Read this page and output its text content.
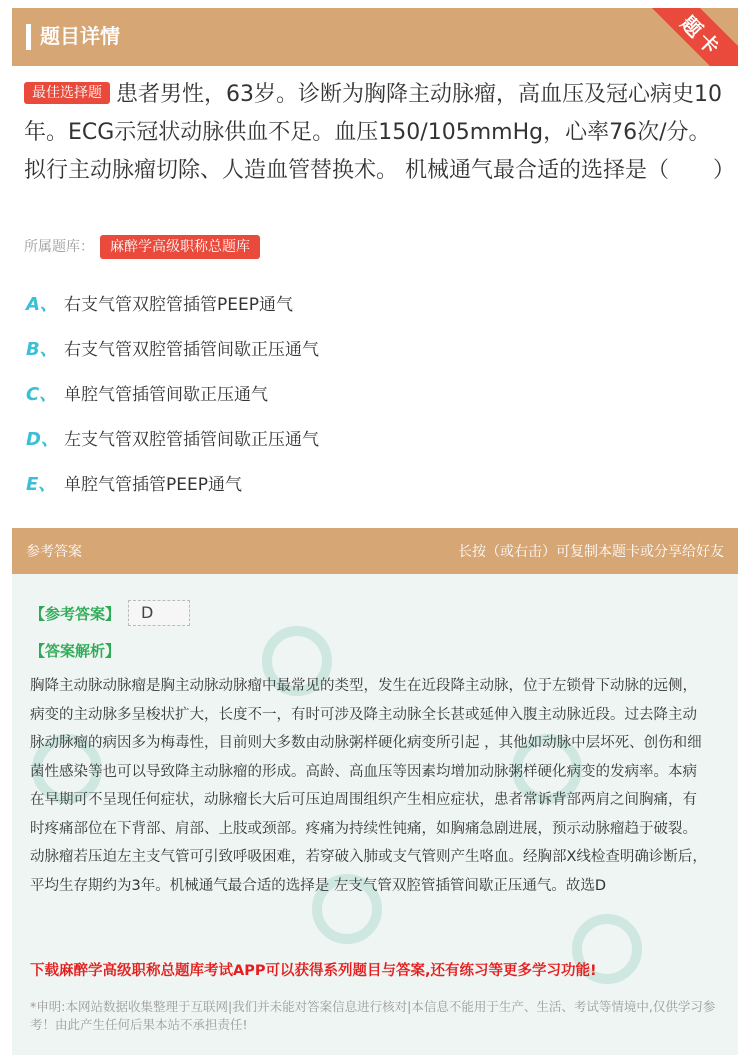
题目详情	题卡
最佳选择题 患者男性，63岁。诊断为胸降主动脉瘤，高血压及冠心病史10年。ECG示冠状动脉供血不足。血压150/105mmHg，心率76次/分。拟行主动脉瘤切除、人造血管替换术。 机械通气最合适的选择是（　　）
所属题库：	麻醉学高级职称总题库
A、 右支气管双腔管插管PEEP通气
B、 右支气管双腔管插管间歇正压通气
C、 单腔气管插管间歇正压通气
D、 左支气管双腔管插管间歇正压通气
E、 单腔气管插管PEEP通气
参考答案	长按（或右击）可复制本题卡或分享给好友
【参考答案】	D
【答案解析】
胸降主动脉动脉瘤是胸主动脉动脉瘤中最常见的类型，发生在近段降主动脉，位于左锁骨下动脉的远侧，病变的主动脉多呈梭状扩大，长度不一，有时可涉及降主动脉全长甚或延伸入腹主动脉近段。过去降主动脉动脉瘤的病因多为梅毒性，目前则大多数由动脉粥样硬化病变所引起 ，其他如动脉中层坏死、创伤和细菌性感染等也可以导致降主动脉瘤的形成。高龄、高血压等因素均增加动脉粥样硬化病变的发病率。本病在早期可不呈现任何症状，动脉瘤长大后可压迫周围组织产生相应症状，患者常诉背部两肩之间胸痛，有时疼痛部位在下背部、肩部、上肢或颈部。疼痛为持续性钝痛，如胸痛急剧进展，预示动脉瘤趋于破裂。动脉瘤若压迫左主支气管可引致呼吸困难，若穿破入肺或支气管则产生咯血。经胸部X线检查明确诊断后，平均生存期约为3年。机械通气最合适的选择是 左支气管双腔管插管间歇正压通气。故选D
下载麻醉学高级职称总题库考试APP可以获得系列题目与答案,还有练习等更多学习功能!
*申明:本网站数据收集整理于互联网|我们并未能对答案信息进行核对|本信息不能用于生产、生活、考试等情境中,仅供学习参考！由此产生任何后果本站不承担责任!
